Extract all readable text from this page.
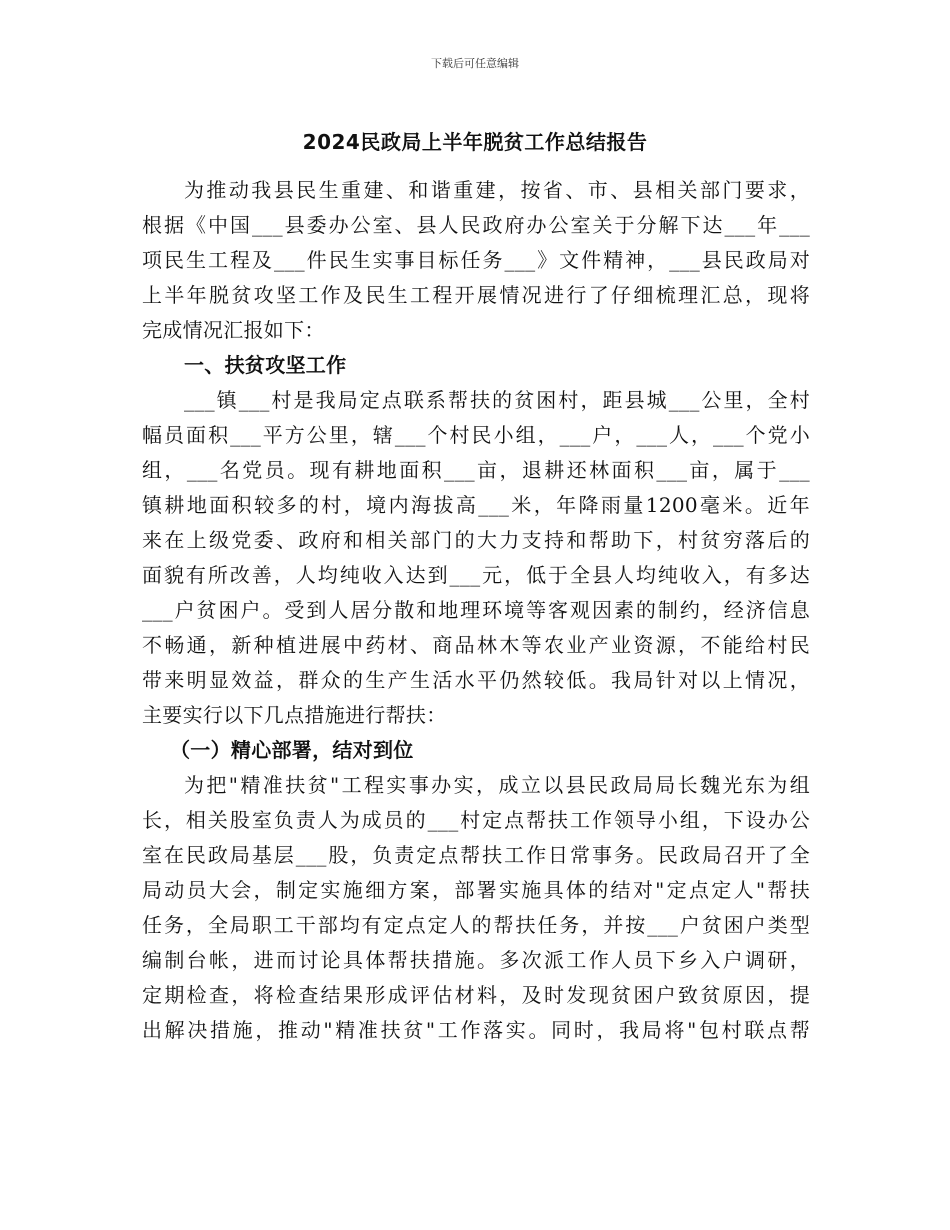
下载后可任意编辑
2024民政局上半年脱贫工作总结报告
为推动我县民生重建、和谐重建，按省、市、县相关部门要求，
根据《中国___县委办公室、县人民政府办公室关于分解下达___年___
项民生工程及___件民生实事目标任务___》文件精神，___县民政局对
上半年脱贫攻坚工作及民生工程开展情况进行了仔细梳理汇总，现将
完成情况汇报如下：
一、扶贫攻坚工作
___镇___村是我局定点联系帮扶的贫困村，距县城___公里，全村
幅员面积___平方公里，辖___个村民小组，___户，___人，___个党小
组，___名党员。现有耕地面积___亩，退耕还林面积___亩，属于___
镇耕地面积较多的村，境内海拔高___米，年降雨量1200毫米。近年
来在上级党委、政府和相关部门的大力支持和帮助下，村贫穷落后的
面貌有所改善，人均纯收入达到___元，低于全县人均纯收入，有多达
___户贫困户。受到人居分散和地理环境等客观因素的制约，经济信息
不畅通，新种植进展中药材、商品林木等农业产业资源，不能给村民
带来明显效益，群众的生产生活水平仍然较低。我局针对以上情况，
主要实行以下几点措施进行帮扶：
（一）精心部署，结对到位
为把"精准扶贫"工程实事办实，成立以县民政局局长魏光东为组
长，相关股室负责人为成员的___村定点帮扶工作领导小组，下设办公
室在民政局基层___股，负责定点帮扶工作日常事务。民政局召开了全
局动员大会，制定实施细方案，部署实施具体的结对"定点定人"帮扶
任务，全局职工干部均有定点定人的帮扶任务，并按___户贫困户类型
编制台帐，进而讨论具体帮扶措施。多次派工作人员下乡入户调研，
定期检查，将检查结果形成评估材料，及时发现贫困户致贫原因，提
出解决措施，推动"精准扶贫"工作落实。同时，我局将"包村联点帮
